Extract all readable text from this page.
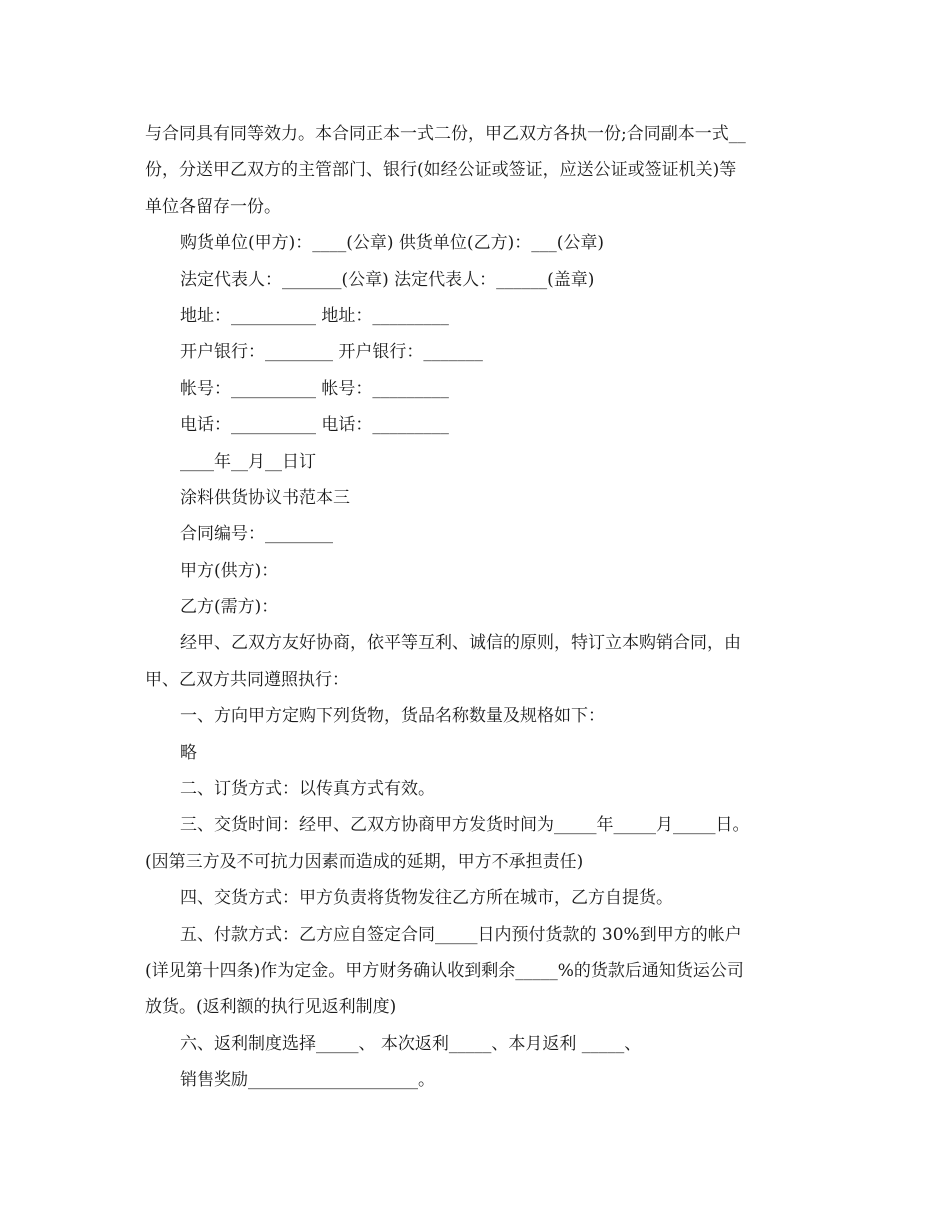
与合同具有同等效力。本合同正本一式二份，甲乙双方各执一份;合同副本一式__
份，分送甲乙双方的主管部门、银行(如经公证或签证，应送公证或签证机关)等
单位各留存一份。
购货单位(甲方)：____(公章) 供货单位(乙方)：___(公章)
法定代表人：_______(公章) 法定代表人：______(盖章)
地址：__________ 地址：_________
开户银行：________ 开户银行：_______
帐号：__________ 帐号：_________
电话：__________ 电话：_________
____年__月__日订
涂料供货协议书范本三
合同编号：________
甲方(供方)：
乙方(需方)：
经甲、乙双方友好协商，依平等互利、诚信的原则，特订立本购销合同，由
甲、乙双方共同遵照执行：
一、方向甲方定购下列货物，货品名称数量及规格如下：
略
二、订货方式：以传真方式有效。
三、交货时间：经甲、乙双方协商甲方发货时间为_____年_____月_____日。
(因第三方及不可抗力因素而造成的延期，甲方不承担责任)
四、交货方式：甲方负责将货物发往乙方所在城市，乙方自提货。
五、付款方式：乙方应自签定合同_____日内预付货款的 30%到甲方的帐户
(详见第十四条)作为定金。甲方财务确认收到剩余_____%的货款后通知货运公司
放货。(返利额的执行见返利制度)
六、返利制度选择_____、 本次返利_____、本月返利 _____、
销售奖励____________________。
